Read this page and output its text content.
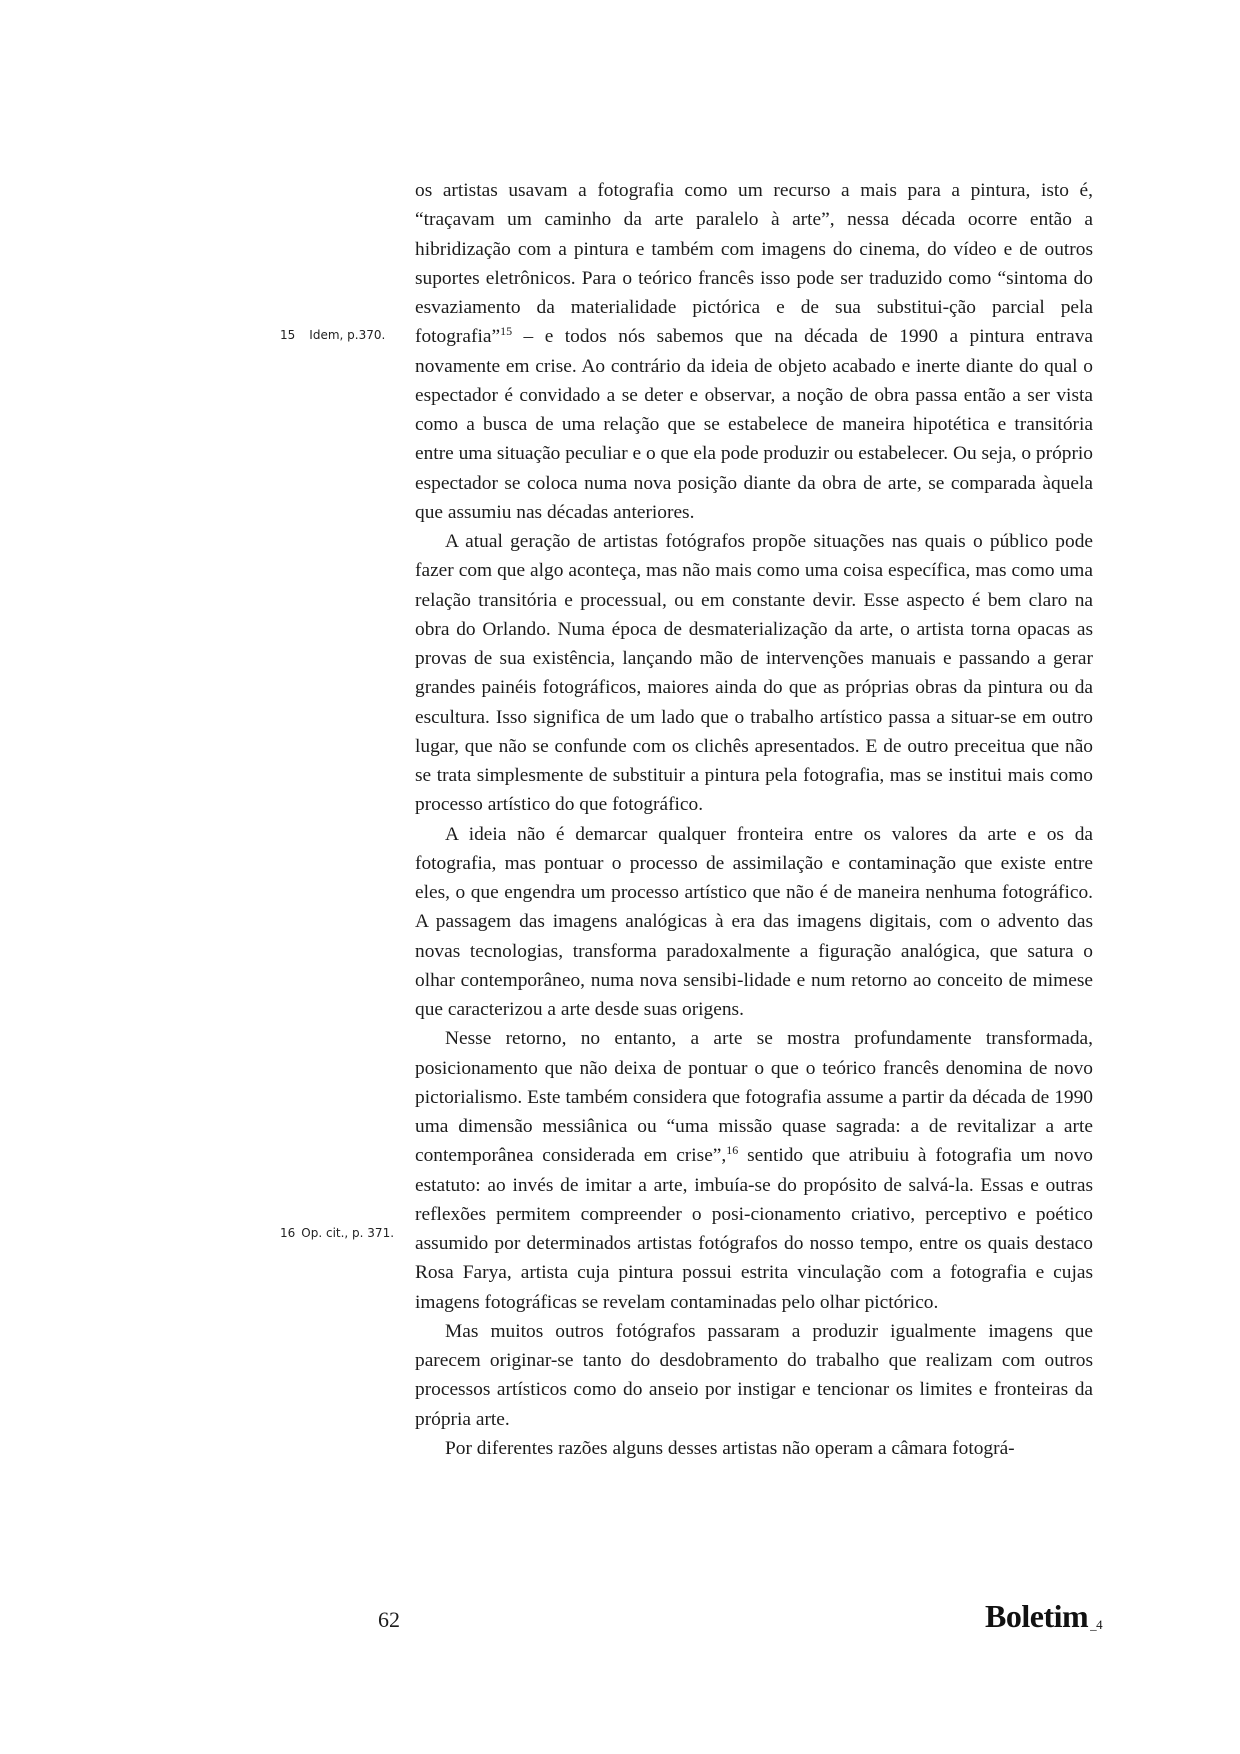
15 Idem, p.370.
16 Op. cit., p. 371.

os artistas usavam a fotografia como um recurso a mais para a pintura, isto é, “traçavam um caminho da arte paralelo à arte”, nessa década ocorre então a hibridização com a pintura e também com imagens do cinema, do vídeo e de outros suportes eletrônicos. Para o teórico francês isso pode ser traduzido como “sintoma do esvaziamento da materialidade pictórica e de sua substitui-ção parcial pela fotografia”$^{15}$ – e todos nós sabemos que na década de 1990 a pintura entrava novamente em crise. Ao contrário da ideia de objeto acabado e inerte diante do qual o espectador é convidado a se deter e observar, a noção de obra passa então a ser vista como a busca de uma relação que se estabelece de maneira hipotética e transitória entre uma situação peculiar e o que ela pode produzir ou estabelecer. Ou seja, o próprio espectador se coloca numa nova posição diante da obra de arte, se comparada àquela que assumiu nas décadas anteriores.

A atual geração de artistas fotógrafos propõe situações nas quais o público pode fazer com que algo aconteça, mas não mais como uma coisa específica, mas como uma relação transitória e processual, ou em constante devir. Esse aspecto é bem claro na obra do Orlando. Numa época de desmaterialização da arte, o artista torna opacas as provas de sua existência, lançando mão de intervenções manuais e passando a gerar grandes painéis fotográficos, maiores ainda do que as próprias obras da pintura ou da escultura. Isso significa de um lado que o trabalho artístico passa a situar-se em outro lugar, que não se confunde com os clichês apresentados. E de outro preceitua que não se trata simplesmente de substituir a pintura pela fotografia, mas se institui mais como processo artístico do que fotográfico.

A ideia não é demarcar qualquer fronteira entre os valores da arte e os da fotografia, mas pontuar o processo de assimilação e contaminação que existe entre eles, o que engendra um processo artístico que não é de maneira nenhuma fotográfico. A passagem das imagens analógicas à era das imagens digitais, com o advento das novas tecnologias, transforma paradoxalmente a figuração analógica, que satura o olhar contemporâneo, numa nova sensibi-lidade e num retorno ao conceito de mimese que caracterizou a arte desde suas origens.

Nesse retorno, no entanto, a arte se mostra profundamente transformada, posicionamento que não deixa de pontuar o que o teórico francês denomina de novo pictorialismo. Este também considera que fotografia assume a partir da década de 1990 uma dimensão messiânica ou “uma missão quase sagrada: a de revitalizar a arte contemporânea considerada em crise”,$^{16}$ sentido que atribuiu à fotografia um novo estatuto: ao invés de imitar a arte, imbuía-se do propósito de salvá-la. Essas e outras reflexões permitem compreender o posi-cionamento criativo, perceptivo e poético assumido por determinados artistas fotógrafos do nosso tempo, entre os quais destaco Rosa Farya, artista cuja pintura possui estrita vinculação com a fotografia e cujas imagens fotográficas se revelam contaminadas pelo olhar pictórico.

Mas muitos outros fotógrafos passaram a produzir igualmente imagens que parecem originar-se tanto do desdobramento do trabalho que realizam com outros processos artísticos como do anseio por instigar e tencionar os limites e fronteiras da própria arte.

Por diferentes razões alguns desses artistas não operam a câmara fotográ-

62	Boletim _4
